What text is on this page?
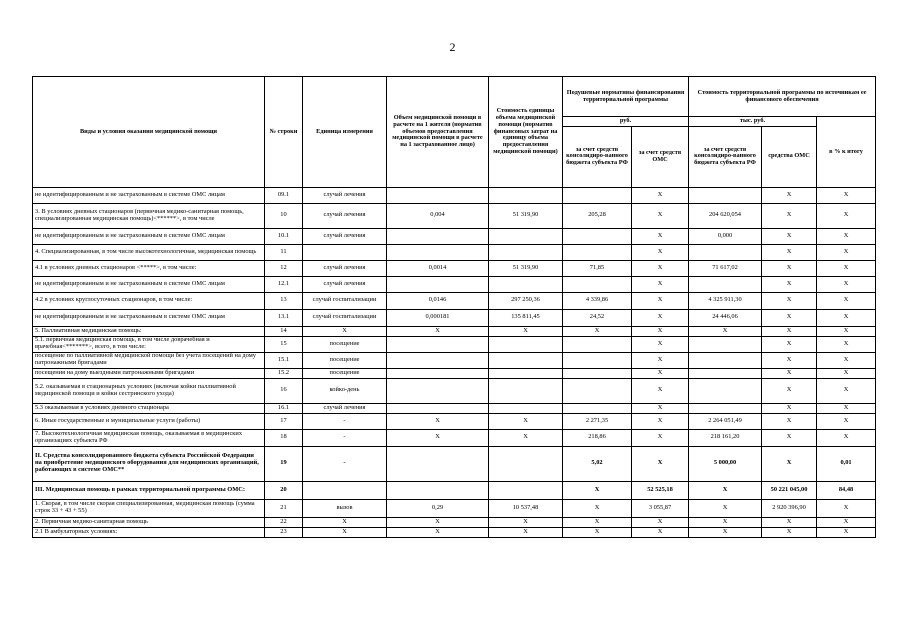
2
Виды и условия оказания медицинской помощи	№ строки	Единица измерения	Объем медицинской помощи в расчете на 1 жителя (норматив объемов предоставления медицинской помощи в расчете на 1 застрахованное лицо)	Стоимость единицы объема медицинской помощи (норматив финансовых затрат на единицу объема предоставления медицинской помощи)	Подушевые нормативы финансирования территориальной программы		Стоимость территориальной программы по источникам ее финансового обеспечения		
					руб.		тыс. руб.		в % к итогу
					за счет средств консолидиро-ванного бюджета субъекта РФ	за счет средств ОМС	за счет средств консолидиро-ванного бюджета субъекта РФ	средства ОМС	
не идентифицированным и не застрахованным в системе ОМС лицам	09.1	случай лечения				X		X	X
3. В условиях дневных стационаров (первичная медико-санитарная помощь, специализированная медицинская помощь)<******>, в том числе	10	случай лечения	0,004	51 319,90	205,28	X	204 620,054	X	X
не идентифицированным и не застрахованным в системе ОМС лицам	10.1	случай лечения				X	0,000	X	X
4. Специализированная, в том числе высокотехнологичная, медицинская помощь	11					X		X	X
4.1 в условиях дневных стационаров <*****>, в том числе:	12	случай лечения	0,0014	51 319,90	71,85	X	71 617,02	X	X
не идентифицированным и не застрахованным в системе ОМС лицам	12.1	случай лечения				X		X	X
4.2 в условиях круглосуточных стационаров, в том числе:	13	случай госпитализации	0,0146	297 250,36	4 339,86	X	4 325 911,30	X	X
не идентифицированным и не застрахованным в системе ОМС лицам	13.1	случай госпитализации	0,000181	135 811,45	24,52	X	24 446,06	X	X
5. Паллиативная медицинская помощь:	14	X	X	X	X	X	X	X	X
5.1. первичная медицинская помощь, в том числе доврачебная и врачебная<*******>, всего, в том числе:	15	посещение				X		X	X
посещение по паллиативной медицинской помощи без учета посещений на дому патронажными бригадами	15.1	посещение				X		X	X
посещения на дому выездными патронажными бригадами	15.2	посещение				X		X	X
5.2. оказываемая в стационарных условиях (включая койки паллиативной медицинской помощи и койки сестринского ухода)	16	койко-день				X		X	X
5.3 оказываемая в условиях дневного стационара	16.1	случай лечения				X		X	X
6. Иные государственные и муниципальные услуги (работы)	17	-	X	X	2 271,35	X	2 264 051,49	X	X
7. Высокотехнологичная медицинская помощь, оказываемая в медицинских организациях субъекта РФ	18	-	X	X	218,86	X	218 161,20	X	X
II. Средства консолидированного бюджета субъекта Российской Федерации на приобретение медицинского оборудования для медицинских организаций, работающих в системе ОМС**	19	-			5,02	X	5 000,00	X	0,01
III. Медицинская помощь в рамках территориальной программы ОМС:	20				X	52 525,18	X	50 221 045,00	84,48
1. Скорая, в том числе скорая специализированная, медицинская помощь (сумма строк 33 + 43 + 55)	21	вызов	0,29	10 537,48	X	3 055,87	X	2 920 396,90	X
2. Первичная медико-санитарная помощь	22	X	X	X	X	X	X	X	X
2.1 В амбулаторных условиях:	23	X	X	X	X	X	X	X	X
